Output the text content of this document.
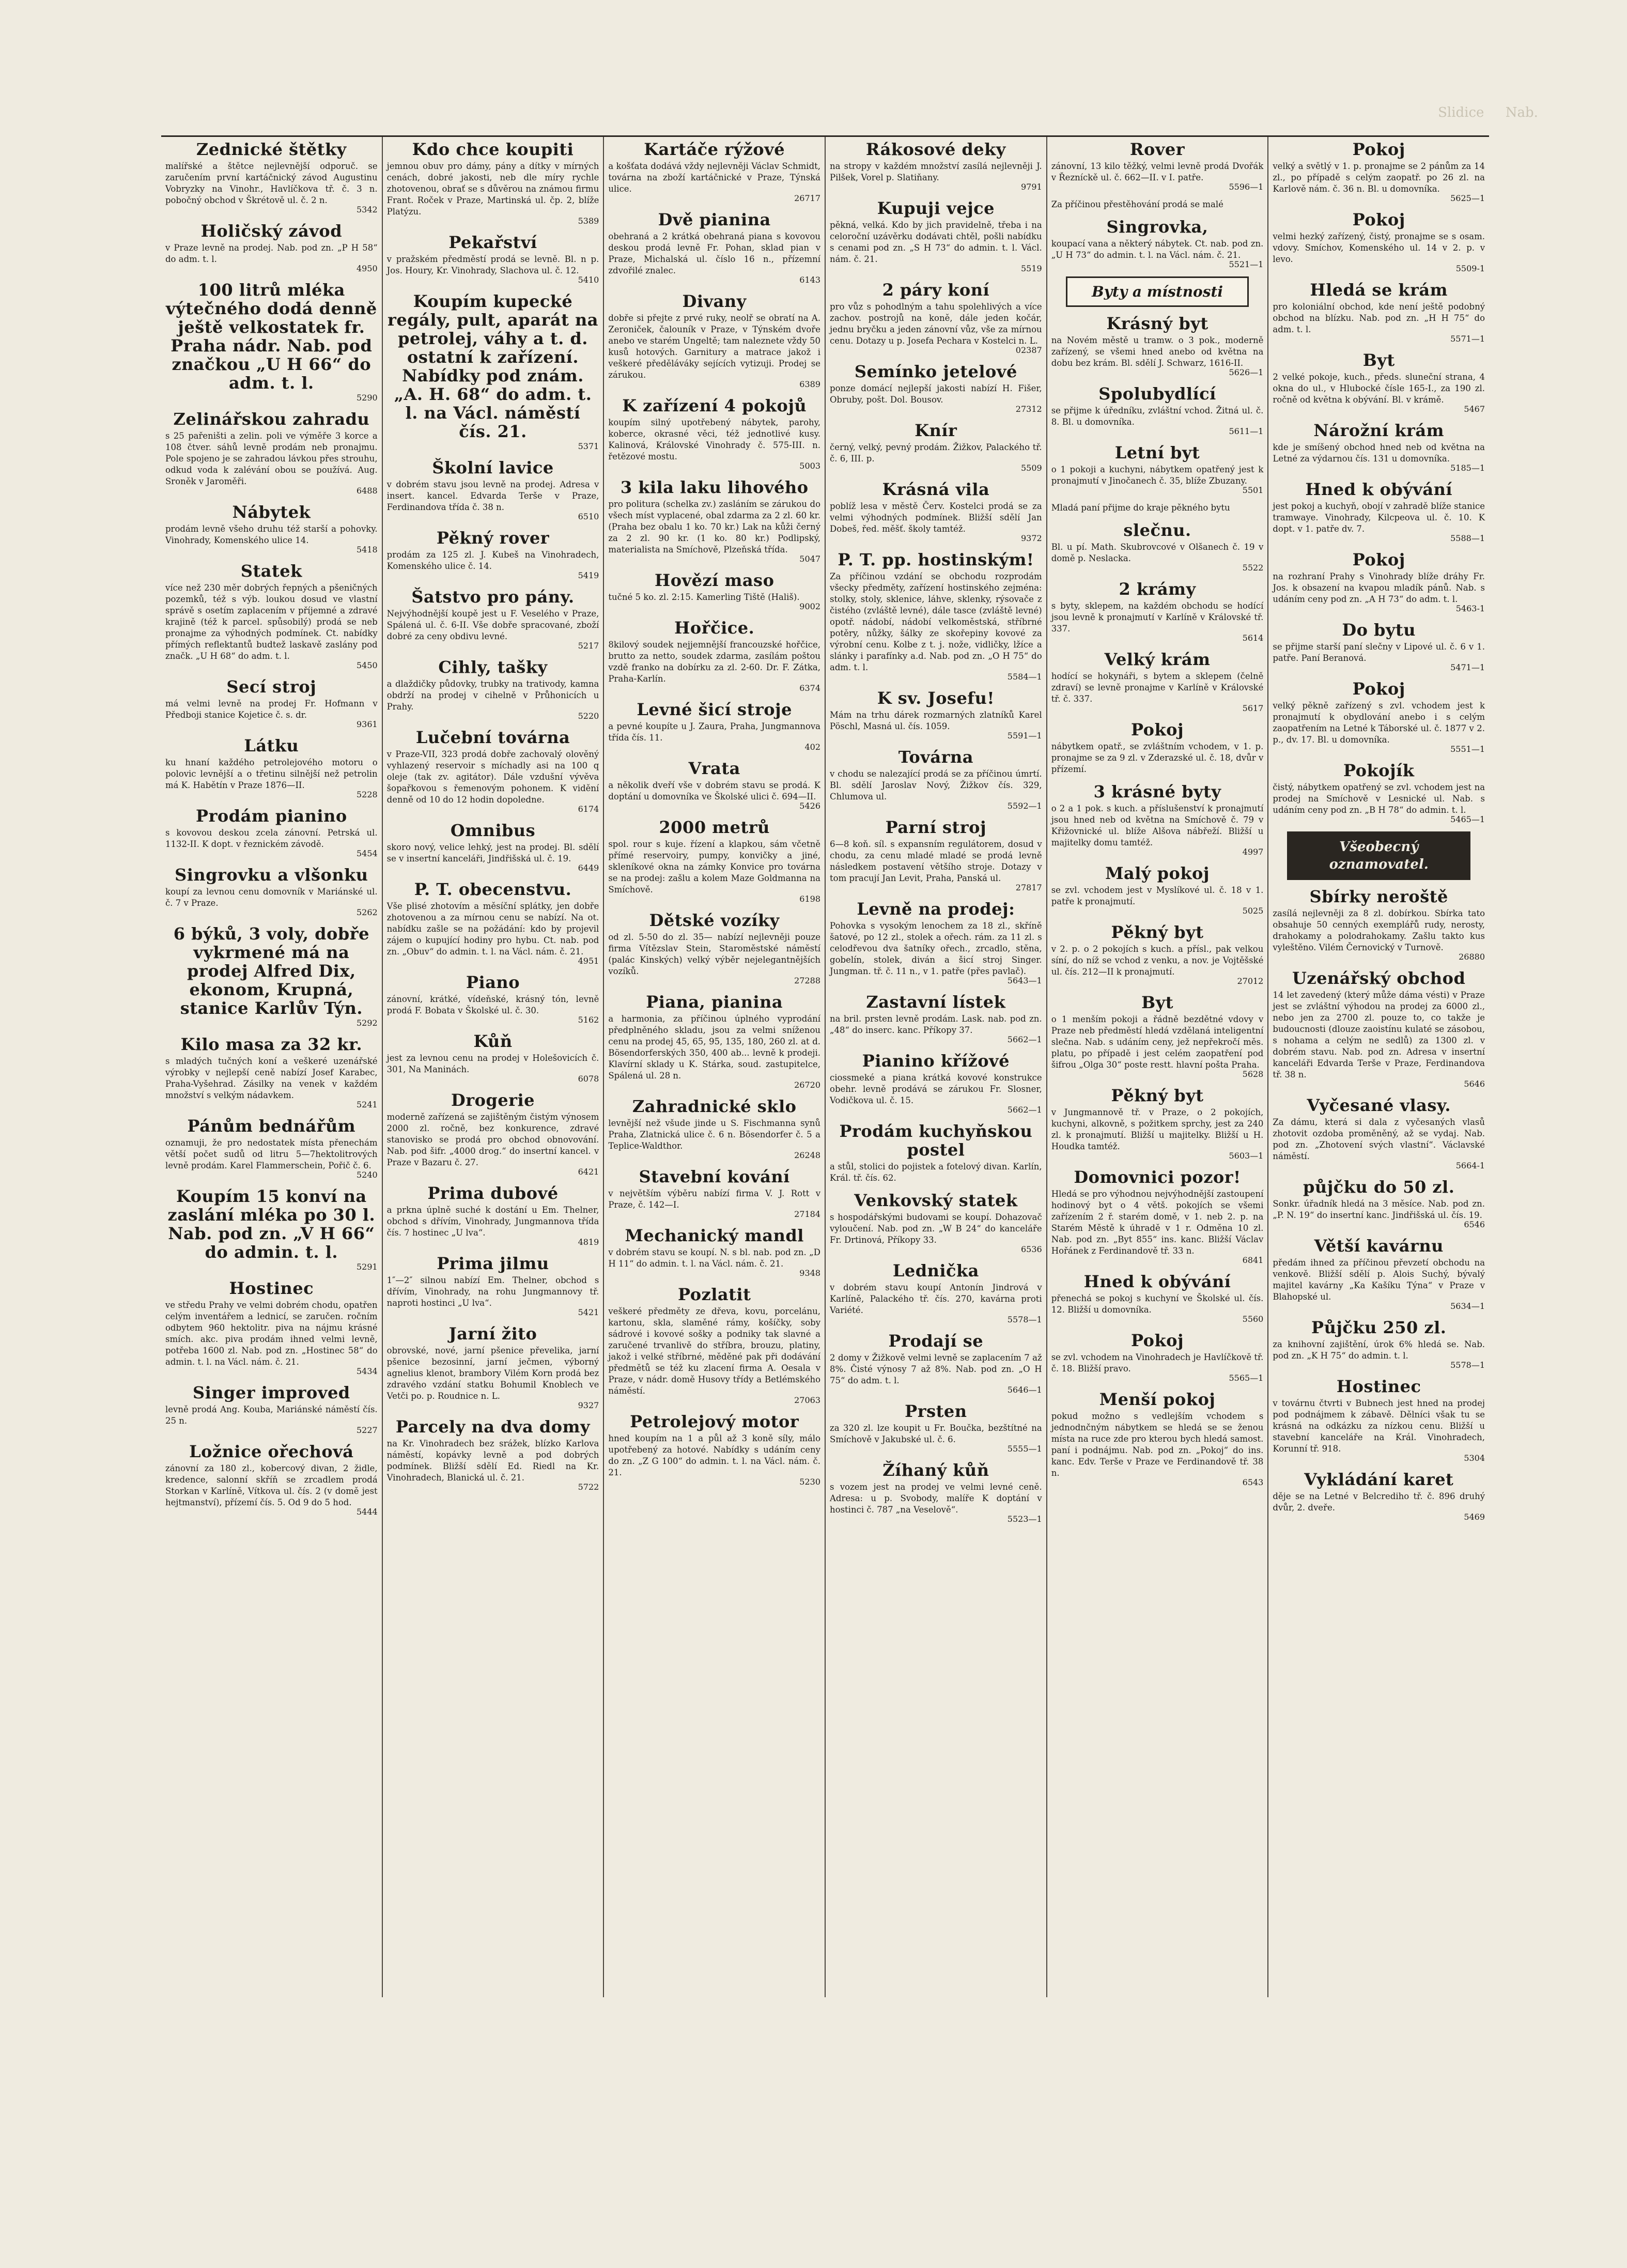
Slidice Nab.
Zednické štětky

malířské a štětce nejlevnější odporuč. se zaručením první kartáčnický závod Augustinu Vobryzky na Vinohr., Havlíčkova tř. č. 3 n. pobočný obchod v Škrétově ul. č. 2 n.

5342
Holičský závod

v Praze levně na prodej. Nab. pod zn. „P H 58“ do adm. t. l.

4950
100 litrů mléka výtečného dodá denně ještě velkostatek fr. Praha nádr. Nab. pod značkou „U H 66“ do adm. t. l.
5290
Zelinářskou zahradu

s 25 pařeništi a zelin. poli ve výměře 3 korce a 108 čtver. sáhů levně prodám neb pronajmu. Pole spojeno je se zahradou lávkou přes strouhu, odkud voda k zalévání obou se používá. Aug. Sroněk v Jaroměři.

6488
Nábytek

prodám levně všeho druhu též starší a pohovky. Vinohrady, Komenského ulice 14.

5418
Statek

více než 230 měr dobrých řepných a pšeničných pozemků, též s výb. loukou dosud ve vlastní správě s osetím zaplacením v příjemné a zdravé krajině (též k parcel. spůsobilý) prodá se neb pronajme za výhodných podmínek. Ct. nabídky přímých reflektantů budtež laskavě zaslány pod značk. „U H 68“ do adm. t. l.

5450
Secí stroj

má velmi levně na prodej Fr. Hofmann v Předboji stanice Kojetice č. s. dr.

9361
Látku

ku hnaní každého petrolejového motoru o polovic levnější a o třetinu silnější než petrolin má K. Habětín v Praze 1876—II.

5228
Prodám pianino

s kovovou deskou zcela zánovní. Petrská ul. 1132-II. K dopt. v řeznickém závodě.

5454
Singrovku a vlšonku

koupí za levnou cenu domovník v Mariánské ul. č. 7 v Praze.

5262
6 býků, 3 voly, dobře vykrmené má na prodej Alfred Dix, ekonom, Krupná, stanice Karlův Týn.
5292
Kilo masa za 32 kr.

s mladých tučných koní a veškeré uzenářské výrobky v nejlepší ceně nabízí Josef Karabec, Praha-Vyšehrad. Zásilky na venek v každém množství s velkým nádavkem.

5241
Pánům bednářům

oznamuji, že pro nedostatek místa přenechám větší počet sudů od litru 5—7hektolitrových levně prodám. Karel Flammerschein, Pořič č. 6.

5240
Koupím 15 konví na zaslání mléka po 30 l. Nab. pod zn. „V H 66“ do admin. t. l.
5291
Hostinec

ve středu Prahy ve velmi dobrém chodu, opatřen celým inventářem a lednicí, se zaručen. ročním odbytem 960 hektolitr. piva na nájmu krásné smích. akc. piva prodám ihned velmi levně, potřeba 1600 zl. Nab. pod zn. „Hostinec 58“ do admin. t. l. na Václ. nám. č. 21.

5434
Singer improved

levně prodá Ang. Kouba, Mariánské náměstí čís. 25 n.

5227
Ložnice ořechová

zánovní za 180 zl., kobercový divan, 2 židle, kredence, salonní skříň se zrcadlem prodá Storkan v Karlíně, Vítkova ul. čís. 2 (v domě jest hejtmanství), přízemí čís. 5. Od 9 do 5 hod.

5444
Kdo chce koupiti

jemnou obuv pro dámy, pány a dítky v mírných cenách, dobré jakosti, neb dle míry rychle zhotovenou, obrať se s důvěrou na známou firmu Frant. Roček v Praze, Martinská ul. čp. 2, blíže Platýzu.

5389
Pekařství

v pražském předměstí prodá se levně. Bl. n p. Jos. Houry, Kr. Vinohrady, Slachova ul. č. 12.

5410
Koupím kupecké regály, pult, aparát na petrolej, váhy a t. d. ostatní k zařízení. Nabídky pod znám. „A. H. 68“ do adm. t. l. na Václ. náměstí čís. 21.
5371
Školní lavice

v dobrém stavu jsou levně na prodej. Adresa v insert. kancel. Edvarda Terše v Praze, Ferdinandova třída č. 38 n.

6510
Pěkný rover

prodám za 125 zl. J. Kubeš na Vinohradech, Komenského ulice č. 14.

5419
Šatstvo pro pány.

Nejvýhodnější koupě jest u F. Veselého v Praze, Spálená ul. č. 6-II. Vše dobře spracované, zboží dobré za ceny obdivu levné.

5217
Cihly, tašky

a dlaždičky půdovky, trubky na trativody, kamna obdrží na prodej v cihelně v Průhonicích u Prahy.

5220
Lučební továrna

v Praze-VII, 323 prodá dobře zachovalý olověný vyhlazený reservoir s míchadly asi na 100 q oleje (tak zv. agitátor). Dále vzdušní vývěva šopařkovou s řemenovým pohonem. K vidění denně od 10 do 12 hodin dopoledne.

6174
Omnibus

skoro nový, velice lehký, jest na prodej. Bl. sdělí se v insertní kanceláři, Jindřišská ul. č. 19.

6449
P. T. obecenstvu.

Vše plisé zhotovím a měsíční splátky, jen dobře zhotovenou a za mírnou cenu se nabízí. Na ot. nabídku zašle se na požádání: kdo by projevil zájem o kupující hodiny pro hybu. Ct. nab. pod zn. „Obuv“ do admin. t. l. na Václ. nám. č. 21.

4951
Piano

zánovní, krátké, vídeňské, krásný tón, levně prodá F. Bobata v Školské ul. č. 30.

5162
Kůň

jest za levnou cenu na prodej v Holešovicích č. 301, Na Maninách.

6078
Drogerie

moderně zařízená se zajištěným čistým výnosem 2000 zl. ročně, bez konkurence, zdravé stanovisko se prodá pro obchod obnovování. Nab. pod šifr. „4000 drog.“ do insertní kancel. v Praze v Bazaru č. 27.

6421
Prima dubové

a prkna úplně suché k dostání u Em. Thelner, obchod s dřívím, Vinohrady, Jungmannova třída čís. 7 hostinec „U lva“.

4819
Prima jilmu

1″—2″ silnou nabízí Em. Thelner, obchod s dřívím, Vinohrady, na rohu Jungmannovy tř. naproti hostinci „U lva“.

5421
Jarní žito

obrovské, nové, jarní pšenice převelika, jarní pšenice bezosinní, jarní ječmen, výborný agnelius klenot, brambory Vilém Korn prodá bez zdravého vzdání statku Bohumil Knoblech ve Vetči po. p. Roudnice n. L.

9327
Parcely na dva domy

na Kr. Vinohradech bez srážek, blízko Karlova náměstí, kopávky levně a pod dobrých podmínek. Bližší sdělí Ed. Riedl na Kr. Vinohradech, Blanická ul. č. 21.

5722
Kartáče rýžové

a košťata dodává vždy nejlevněji Václav Schmidt, továrna na zboží kartáčnické v Praze, Týnská ulice.

26717
Dvě pianina

obehraná a 2 krátká obehraná piana s kovovou deskou prodá levně Fr. Pohan, sklad pian v Praze, Michalská ul. číslo 16 n., přízemní zdvořilé znalec.

6143
Divany

dobře si přejte z prvé ruky, neolř se obratí na A. Zeroniček, čalouník v Praze, v Týnském dvoře anebo ve starém Ungeltě; tam naleznete vždy 50 kusů hotových. Garnitury a matrace jakož i veškeré předěláváky sejících vytizuji. Prodej se zárukou.

6389
K zařízení 4 pokojů

koupím silný upotřebený nábytek, parohy, koberce, okrasné věci, též jednotlivé kusy. Kalinová, Královské Vinohrady č. 575-III. n. řetězové mostu.

5003
3 kila laku lihového

pro politura (schelka zv.) zasláním se zárukou do všech míst vyplacené, obal zdarma za 2 zl. 60 kr. (Praha bez obalu 1 ko. 70 kr.) Lak na kůži černý za 2 zl. 90 kr. (1 ko. 80 kr.) Podlipský, materialista na Smíchově, Plzeňská třída.

5047
Hovězí maso

tučné 5 ko. zl. 2:15. Kamerling Tiště (Hališ).

9002
Hořčice.

8kilový soudek nejjemnější francouzské hořčice, brutto za netto, soudek zdarma, zasílám poštou vzdě franko na dobírku za zl. 2-60. Dr. F. Zátka, Praha-Karlín.

6374
Levné šicí stroje

a pevné koupíte u J. Zaura, Praha, Jungmannova třída čís. 11.

402
Vrata

a několik dveří vše v dobrém stavu se prodá. K doptání u domovníka ve Školské ulici č. 694—II.

5426
2000 metrů

spol. rour s kuje. řízení a klapkou, sám včetně přímé reservoiry, pumpy, konvičky a jiné, skleníkové okna na zámky Konvice pro továrna se na prodej: zašlu a kolem Maze Goldmanna na Smíchově.

6198
Dětské vozíky

od zl. 5-50 do zl. 35— nabízí nejlevněji pouze firma Vítězslav Stein, Staroměstské náměstí (palác Kinských) velký výběr nejelegantnějších vozíků.

27288
Piana, pianina

a harmonia, za příčinou úplného vyprodání předplněného skladu, jsou za velmi sníženou cenu na prodej 45, 65, 95, 135, 180, 260 zl. at d. Bösendorferských 350, 400 ab... levně k prodeji. Klavírní sklady u K. Stárka, soud. zastupitelce, Spálená ul. 28 n.

26720
Zahradnické sklo

levnější než všude jinde u S. Fischmanna synů Praha, Zlatnická ulice č. 6 n. Bösendorfer č. 5 a Teplice-Waldthor.

26248
Stavební kování

v největším výběru nabízí firma V. J. Rott v Praze, č. 142—I.

27184
Mechanický mandl

v dobrém stavu se koupí. N. s bl. nab. pod zn. „D H 11“ do admin. t. l. na Václ. nám. č. 21.

9348
Pozlatit

veškeré předměty ze dřeva, kovu, porcelánu, kartonu, skla, slaměné rámy, košíčky, soby sádrové i kovové sošky a podniky tak slavné a zaručené trvanlivě do stříbra, brouzu, platiny, jakož i velké stříbrné, měděné pak při dodávání předmětů se též ku zlacení firma A. Oesala v Praze, v nádr. domě Husovy třídy a Betlémského náměstí.

27063
Petrolejový motor

hned koupím na 1 a půl až 3 koně síly, málo upotřebený za hotové. Nabídky s udáním ceny do zn. „Z G 100“ do admin. t. l. na Václ. nám. č. 21.

5230
Rákosové deky

na stropy v každém množství zasílá nejlevněji J. Pilšek, Vorel p. Slatiňany.

9791
Kupuji vejce

pěkná, velká. Kdo by jich pravidelně, třeba i na celoroční uzávěrku dodávati chtěl, pošli nabídku s cenami pod zn. „S H 73“ do admin. t. l. Václ. nám. č. 21.

5519
2 páry koní

pro vůz s pohodlným a tahu spolehlivých a více zachov. postrojů na koně, dále jeden kočár, jednu bryčku a jeden zánovní vůz, vše za mírnou cenu. Dotazy u p. Josefa Pechara v Kostelci n. L.

02387
Semínko jetelové

ponze domácí nejlepší jakosti nabízí H. Fišer, Obruby, pošt. Dol. Bousov.

27312
Knír

černý, velký, pevný prodám. Žižkov, Palackého tř. č. 6, III. p.

5509
Krásná vila

poblíž lesa v městě Červ. Kostelci prodá se za velmi výhodných podmínek. Bližší sdělí Jan Dobeš, řed. měšť. školy tamtéž.

9372
P. T. pp. hostinským!

Za příčinou vzdání se obchodu rozprodám všecky předměty, zařízení hostinského zejména: stolky, stoly, sklenice, láhve, sklenky, rýsovače z čistého (zvláště levné), dále tasce (zvláště levné) opotř. nádobí, nádobí velkoměstská, stříbrné potěry, nůžky, šálky ze skořepiny kovové za výrobní cenu. Kolbe z t. j. nože, vidličky, lžíce a slánky i parafínky a.d. Nab. pod zn. „O H 75“ do adm. t. l.

5584—1
K sv. Josefu!

Mám na trhu dárek rozmarných zlatníků Karel Pöschl, Masná ul. čís. 1059.

5591—1
Továrna

v chodu se nalezající prodá se za příčinou úmrtí. Bl. sdělí Jaroslav Nový, Žižkov čís. 329, Chlumova ul.

5592—1
Parní stroj

6—8 koň. síl. s expansním regulátorem, dosud v chodu, za cenu mladé mladé se prodá levně následkem postavení většího stroje. Dotazy v tom pracují Jan Levit, Praha, Panská ul.

27817
Levně na prodej:

Pohovka s vysokým lenochem za 18 zl., skříně šatové, po 12 zl., stolek a ořech. rám. za 11 zl. s celodřevou dva šatníky ořech., zrcadlo, stěna, gobelín, stolek, diván a šicí stroj Singer. Jungman. tř. č. 11 n., v 1. patře (přes pavlač).

5643—1
Zastavní lístek

na bril. prsten levně prodám. Lask. nab. pod zn. „48“ do inserc. kanc. Příkopy 37.

5662—1
Pianino křížové

ciossmeké a piana krátká kovové konstrukce obehr. levně prodává se zárukou Fr. Slosner, Vodičkova ul. č. 15.

5662—1
Prodám kuchyňskou postel

a stůl, stolici do pojistek a fotelový divan. Karlín, Král. tř. čís. 62.

Venkovský statek

s hospodářskými budovami se koupí. Dohazovač vyloučení. Nab. pod zn. „W B 24“ do kanceláře Fr. Drtinová, Příkopy 33.

6536
Lednička

v dobrém stavu koupí Antonín Jindrová v Karlíně, Palackého tř. čís. 270, kavárna proti Variété.

5578—1
Prodají se

2 domy v Žižkově velmi levně se zaplacením 7 až 8%. Čisté výnosy 7 až 8%. Nab. pod zn. „O H 75“ do adm. t. l.

5646—1
Prsten

za 320 zl. lze koupit u Fr. Boučka, bezštítné na Smíchově v Jakubské ul. č. 6.

5555—1
Žíhaný kůň

s vozem jest na prodej ve velmi levné ceně. Adresa: u p. Svobody, malíře K doptání v hostinci č. 787 „na Veselově“.

5523—1
Rover

zánovní, 13 kilo těžký, velmi levně prodá Dvořák v Řezníckě ul. č. 662—II. v I. patře.

5596—1

Za příčinou přestěhování prodá se malé

Singrovka,

koupací vana a některý nábytek. Ct. nab. pod zn. „U H 73“ do admin. t. l. na Václ. nám. č. 21.

5521—1
Byty a místnosti
Krásný byt

na Novém městě u tramw. o 3 pok., moderně zařízený, se všemi hned anebo od května na dobu bez krám. Bl. sdělí J. Schwarz, 1616-II.

5626—1
Spolubydlící

se přijme k úředníku, zvláštní vchod. Žitná ul. č. 8. Bl. u domovníka.

5611—1
Letní byt

o 1 pokoji a kuchyni, nábytkem opatřený jest k pronajmutí v Jinočanech č. 35, blíže Zbuzany.

5501

Mladá paní přijme do kraje pěkného bytu

slečnu.

Bl. u pí. Math. Skubrovcové v Olšanech č. 19 v domě p. Neslacka.

5522
2 krámy

s byty, sklepem, na každém obchodu se hodící jsou levně k pronajmutí v Karlíně v Královské tř. 337.

5614
Velký krám

hodící se hokynáři, s bytem a sklepem (čelně zdraví) se levně pronajme v Karlíně v Královské tř. č. 337.

5617
Pokoj

nábytkem opatř., se zvláštním vchodem, v 1. p. pronajme se za 9 zl. v Zderazské ul. č. 18, dvůr v přízemí.

3 krásné byty

o 2 a 1 pok. s kuch. a příslušenství k pronajmutí jsou hned neb od května na Smíchově č. 79 v Křižovnické ul. blíže Alšova nábřeží. Bližší u majitelky domu tamtéž.

4997
Malý pokoj

se zvl. vchodem jest v Myslíkové ul. č. 18 v 1. patře k pronajmutí.

5025
Pěkný byt

v 2. p. o 2 pokojích s kuch. a přísl., pak velkou síní, do níž se vchod z venku, a nov. je Vojtěšské ul. čís. 212—II k pronajmutí.

27012
Byt

o 1 menším pokoji a řádně bezdětné vdovy v Praze neb předměstí hledá vzdělaná inteligentní slečna. Nab. s udáním ceny, jež nepřekročí měs. platu, po případě i jest celém zaopatření pod šifrou „Olga 30“ poste restt. hlavní pošta Praha.

5628
Pěkný byt

v Jungmannově tř. v Praze, o 2 pokojích, kuchyni, alkovně, s požitkem sprchy, jest za 240 zl. k pronajmutí. Bližší u majitelky. Bližší u H. Houdka tamtéž.

5603—1
Domovnici pozor!

Hledá se pro výhodnou nejvýhodnější zastoupení hodinový byt o 4 větš. pokojích se všemi zařízením 2 ř. starém domě, v 1. neb 2. p. na Starém Městě k úhradě v 1 r. Odměna 10 zl. Nab. pod zn. „Byt 855“ ins. kanc. Bližší Václav Hořánek z Ferdinandově tř. 33 n.

6841
Hned k obývání

přenechá se pokoj s kuchyní ve Školské ul. čís. 12. Bližší u domovníka.

5560
Pokoj

se zvl. vchodem na Vinohradech je Havlíčkově tř. č. 18. Bližší pravo.

5565—1
Menší pokoj

pokud možno s vedlejším vchodem s jednodnčným nábytkem se hledá se se ženou místa na ruce zde pro kterou bych hledá samost. paní i podnájmu. Nab. pod zn. „Pokoj“ do ins. kanc. Edv. Terše v Praze ve Ferdinandově tř. 38 n.

6543
Pokoj

velký a světlý v 1. p. pronajme se 2 pánům za 14 zl., po případě s celým zaopatř. po 26 zl. na Karlově nám. č. 36 n. Bl. u domovníka.

5625—1
Pokoj

velmi hezký zařízený, čistý, pronajme se s osam. vdovy. Smíchov, Komenského ul. 14 v 2. p. v levo.

5509-1
Hledá se krám

pro koloniální obchod, kde není ještě podobný obchod na blízku. Nab. pod zn. „H H 75“ do adm. t. l.

5571—1
Byt

2 velké pokoje, kuch., předs. sluneční strana, 4 okna do ul., v Hlubocké čísle 165-I., za 190 zl. ročně od května k obývání. Bl. v krámě.

5467
Nárožní krám

kde je smíšený obchod hned neb od května na Letné za výdarnou čís. 131 u domovníka.

5185—1
Hned k obývání

jest pokoj a kuchyň, obojí v zahradě blíže stanice tramwaye. Vinohrady, Kilcpeova ul. č. 10. K dopt. v 1. patře dv. 7.

5588—1
Pokoj

na rozhraní Prahy s Vinohrady blíže dráhy Fr. Jos. k obsazení na kvapou mladík pánů. Nab. s udáním ceny pod zn. „A H 73“ do adm. t. l.

5463-1
Do bytu

se přijme starší paní slečny v Lipové ul. č. 6 v 1. patře. Paní Beranová.

5471—1
Pokoj

velký pěkně zařízený s zvl. vchodem jest k pronajmutí k obydlování anebo i s celým zaopatřením na Letné k Táborské ul. č. 1877 v 2. p., dv. 17. Bl. u domovníka.

5551—1
Pokojík

čistý, nábytkem opatřený se zvl. vchodem jest na prodej na Smíchově v Lesnické ul. Nab. s udáním ceny pod zn. „B H 78“ do admin. t. l.

5465—1
Všeobecný oznamovatel.
Sbírky neroště

zasílá nejlevněji za 8 zl. dobírkou. Sbírka tato obsahuje 50 cenných exemplářů rudy, nerosty, drahokamy a polodrahokamy. Zašlu takto kus vyleštěno. Vilém Černovický v Turnově.

26880
Uzenářský obchod

14 let zavedený (který může dáma vésti) v Praze jest se zvláštní výhodou na prodej za 6000 zl., nebo jen za 2700 zl. pouze to, co takže je budoucnosti (dlouze zaoistínu kulaté se zásobou, s nohama a celým ne sedlů) za 1300 zl. v dobrém stavu. Nab. pod zn. Adresa v insertní kanceláři Edvarda Terše v Praze, Ferdinandova tř. 38 n.

5646
Vyčesané vlasy.

Za dámu, která si dala z vyčesaných vlasů zhotovit ozdoba proměněný, až se vydaj. Nab. pod zn. „Zhotovení svých vlastní“. Václavské náměstí.

5664-1
půjčku do 50 zl.

Sonkr. úřadník hledá na 3 měsíce. Nab. pod zn. „P. N. 19“ do insertní kanc. Jindřišská ul. čís. 19.

6546
Větší kavárnu

předám ihned za příčinou převzetí obchodu na venkově. Bližší sdělí p. Alois Suchý, bývalý majitel kavárny „Ka Kašíku Týna“ v Praze v Blahopské ul.

5634—1
Půjčku 250 zl.

za knihovní zajištění, úrok 6% hledá se. Nab. pod zn. „K H 75“ do admin. t. l.

5578—1
Hostinec

v továrnu čtvrti v Bubnech jest hned na prodej pod podnájmem k zábavě. Dělníci však tu se krásná na odkázku za nízkou cenu. Bližší u stavební kanceláře na Král. Vinohradech, Korunní tř. 918.

5304
Vykládání karet

děje se na Letné v Belcrediho tř. č. 896 druhý dvůr, 2. dveře.

5469
